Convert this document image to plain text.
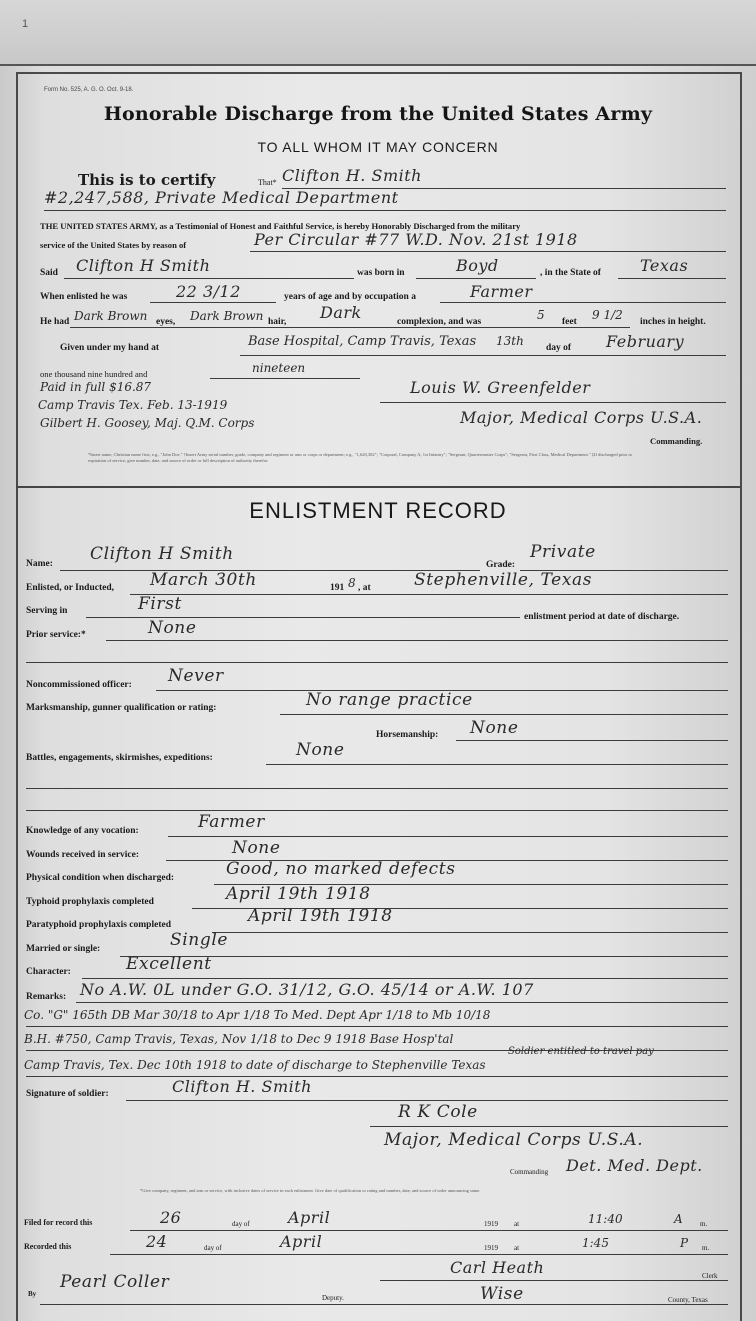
1
Form No. 525, A. G. O. Oct. 9-18.
Honorable Discharge from the United States Army
TO ALL WHOM IT MAY CONCERN
This is to certify	That* Clifton H. Smith
#2,247,588, Private Medical Department
THE UNITED STATES ARMY, as a Testimonial of Honest and Faithful Service, is hereby Honorably Discharged from the military
service of the United States by reason of	Per Circular #77 W.D. Nov. 21st 1918
Said Clifton H Smith	was born in	Boyd	, in the State of Texas
When enlisted he was	22 3/12	years of age and by occupation a	Farmer
He had Dark Brown eyes, Dark Brown hair, Dark	complexion, and was	5 feet 9 1/2 inches in height.
Given under my hand at	Base Hospital, Camp Travis, Texas 13th day of February
one thousand nine hundred and	nineteen
Paid in full $16.87
Camp Travis Tex. Feb. 13-1919
Gilbert H. Goosey, Maj. Q.M. Corps
Louis W. Greenfelder
Major, Medical Corps U.S.A.
Commanding.
*Insert name, Christian name first; e.g., "John Doe." †Insert Army serial number, grade, company and regiment or arm or corps or department; e.g., "1,620,302"; "Corporal, Company A, 1st Infantry"; "Sergeant, Quartermaster Corps"; "Sergeant, First Class, Medical Department." ‡If discharged prior to expiration of service, give number, date, and source of order or full description of authority therefor.
ENLISTMENT RECORD
Name: Clifton H Smith
Grade:
Private
Enlisted, or Inducted, March 30th	191 8 , at	Stephenville, Texas
Serving in	First
enlistment period at date of discharge.
Prior service:*	None
Noncommissioned officer: Never
Marksmanship, gunner qualification or rating:	No range practice
Horsemanship: None
Battles, engagements, skirmishes, expeditions:	None
Knowledge of any vocation:	Farmer
Wounds received in service:	None
Physical condition when discharged:	Good, no marked defects
Typhoid prophylaxis completed	April 19th 1918
Paratyphoid prophylaxis completed	April 19th 1918
Married or single:	Single
Character:	Excellent
Remarks: No A.W. 0L under G.O. 31/12, G.O. 45/14 or A.W. 107
Co. "G" 165th DB Mar 30/18 to Apr 1/18 To Med. Dept Apr 1/18 to Mb 10/18
B.H. #750, Camp Travis, Texas, Nov 1/18 to Dec 9 1918 Base Hosp'tal
Soldier entitled to travel pay
Camp Travis, Tex. Dec 10th 1918 to date of discharge to Stephenville Texas
Signature of soldier:	Clifton H. Smith
R K Cole
Major, Medical Corps U.S.A.
Commanding Det. Med. Dept.
*Give company, regiment, and arm or service, with inclusive dates of service in each enlistment. Give date of qualification or rating and number, date, and source of order announcing same.
Filed for record this	26	day of April	1919 at	11:40	A m.
Recorded this	24	day of	April	1919 at	1:45	P m.
Carl Heath	Clerk
By
Pearl Coller
Deputy.	Wise	County, Texas
